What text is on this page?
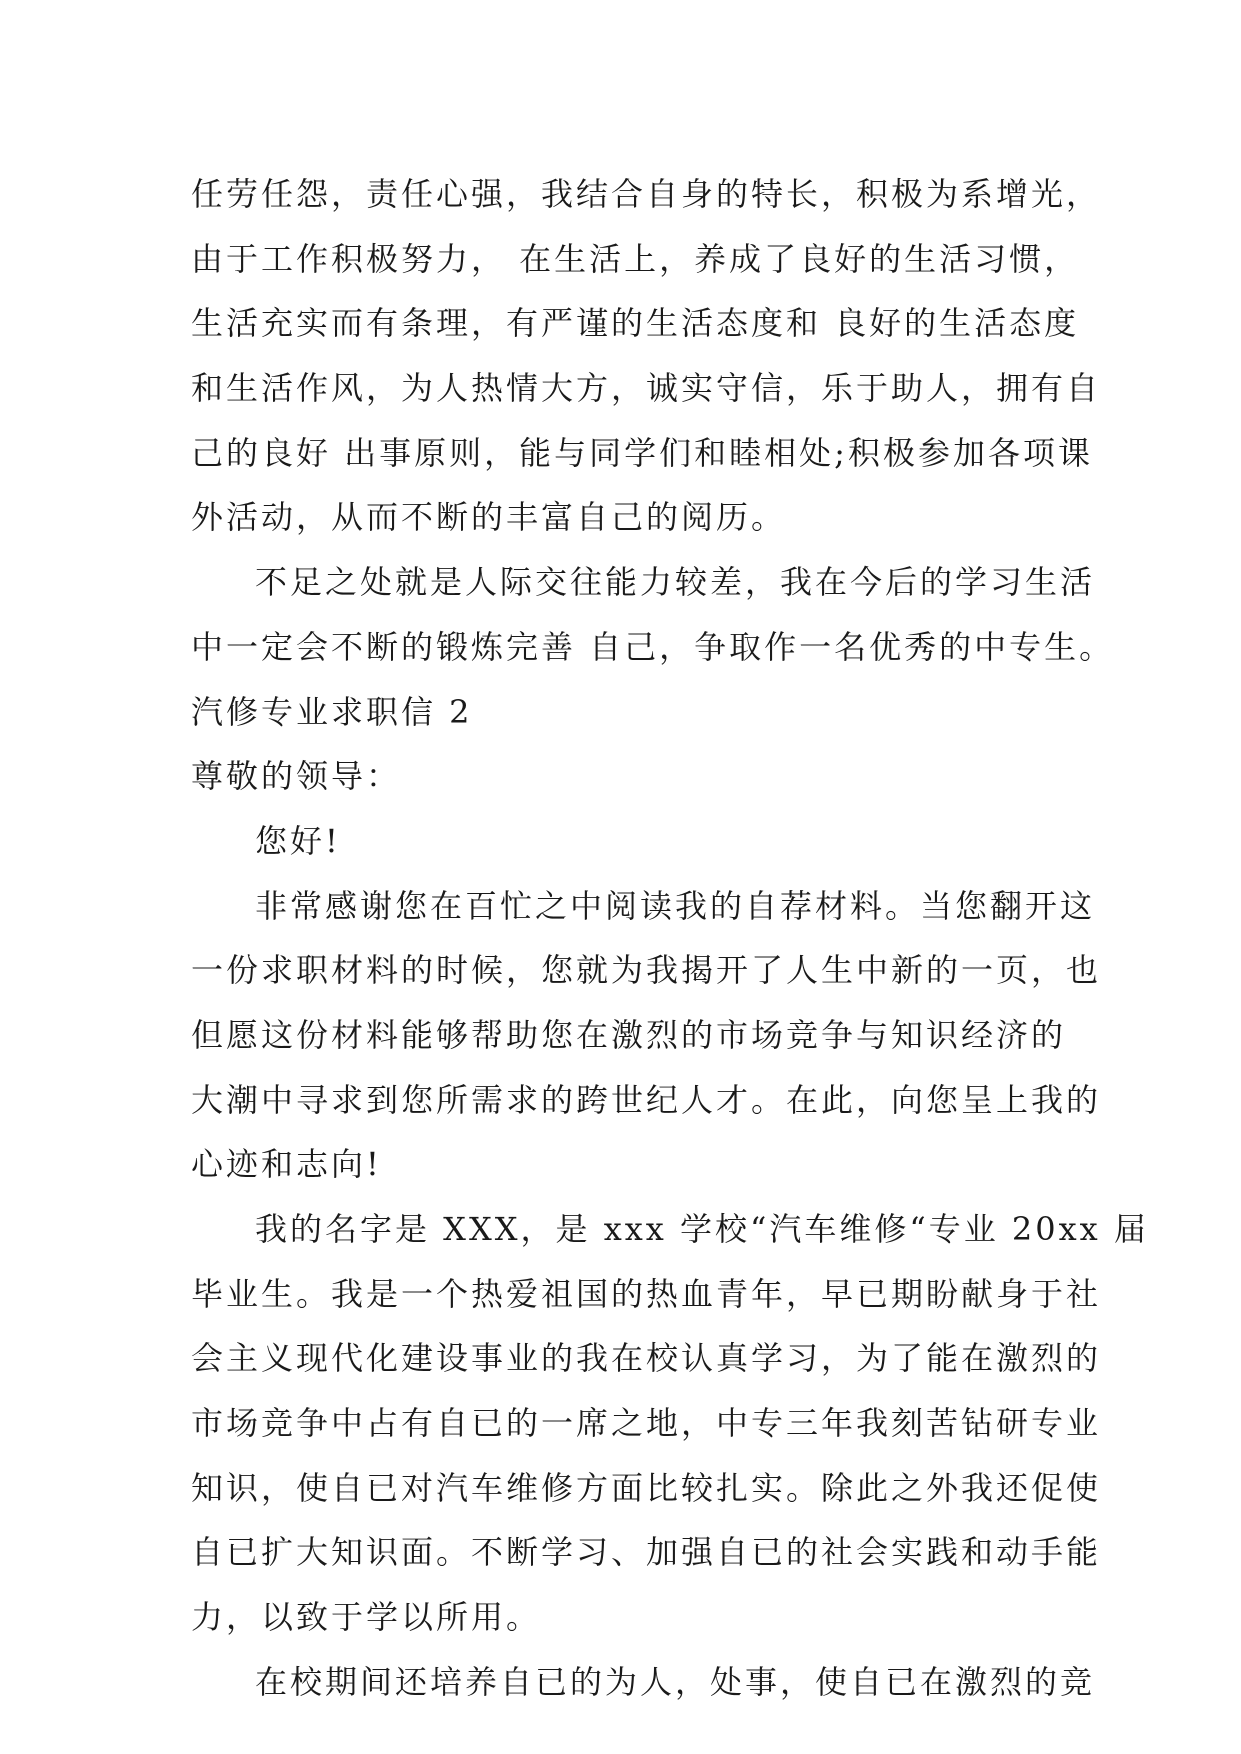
任劳任怨，责任心强，我结合自身的特长，积极为系增光，
由于工作积极努力， 在生活上，养成了良好的生活习惯，
生活充实而有条理，有严谨的生活态度和 良好的生活态度
和生活作风，为人热情大方，诚实守信，乐于助人，拥有自
己的良好 出事原则，能与同学们和睦相处;积极参加各项课
外活动，从而不断的丰富自己的阅历。
不足之处就是人际交往能力较差，我在今后的学习生活
中一定会不断的锻炼完善 自己，争取作一名优秀的中专生。
汽修专业求职信 2
尊敬的领导：
您好!
非常感谢您在百忙之中阅读我的自荐材料。当您翻开这
一份求职材料的时候，您就为我揭开了人生中新的一页，也
但愿这份材料能够帮助您在激烈的市场竞争与知识经济的
大潮中寻求到您所需求的跨世纪人才。在此，向您呈上我的
心迹和志向!
我的名字是 XXX，是 xxx 学校“汽车维修“专业 20xx 届
毕业生。我是一个热爱祖国的热血青年，早已期盼献身于社
会主义现代化建设事业的我在校认真学习，为了能在激烈的
市场竞争中占有自已的一席之地，中专三年我刻苦钻研专业
知识，使自已对汽车维修方面比较扎实。除此之外我还促使
自已扩大知识面。不断学习、加强自已的社会实践和动手能
力，以致于学以所用。
在校期间还培养自已的为人，处事，使自已在激烈的竞
